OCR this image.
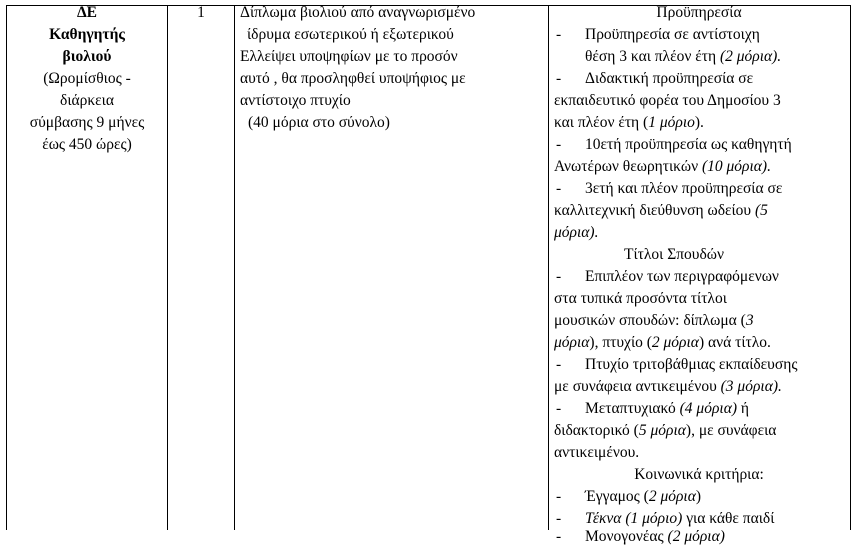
ΔΕ
Καθηγητής
βιολιού
(Ωρομίσθιος -
διάρκεια
σύμβασης 9 μήνες
έως 450 ώρες)
1	Δίπλωμα βιολιού από αναγνωρισμένο
ίδρυμα εσωτερικού ή εξωτερικού
Ελλείψει υποψηφίων με το προσόν
αυτό , θα προσληφθεί υποψήφιος με
αντίστοιχο πτυχίο
(40 μόρια στο σύνολο)
Προϋπηρεσία
- Προϋπηρεσία σε αντίστοιχη
θέση 3 και πλέον έτη (2 μόρια).
- Διδακτική προϋπηρεσία σε
εκπαιδευτικό φορέα του Δημοσίου 3
και πλέον έτη (1 μόριο).
- 10ετή προϋπηρεσία ως καθηγητή
Ανωτέρων θεωρητικών (10 μόρια).
- 3ετή και πλέον προϋπηρεσία σε
καλλιτεχνική διεύθυνση ωδείου (5
μόρια).
Τίτλοι Σπουδών
- Επιπλέον των περιγραφόμενων
στα τυπικά προσόντα τίτλοι
μουσικών σπουδών: δίπλωμα (3
μόρια), πτυχίο (2 μόρια) ανά τίτλο.
- Πτυχίο τριτοβάθμιας εκπαίδευσης
με συνάφεια αντικειμένου (3 μόρια).
- Μεταπτυχιακό (4 μόρια) ή
διδακτορικό (5 μόρια), με συνάφεια
αντικειμένου.
Κοινωνικά κριτήρια:
- Έγγαμος (2 μόρια)
- Τέκνα (1 μόριο) για κάθε παιδί
- Μονογονέας (2 μόρια)
